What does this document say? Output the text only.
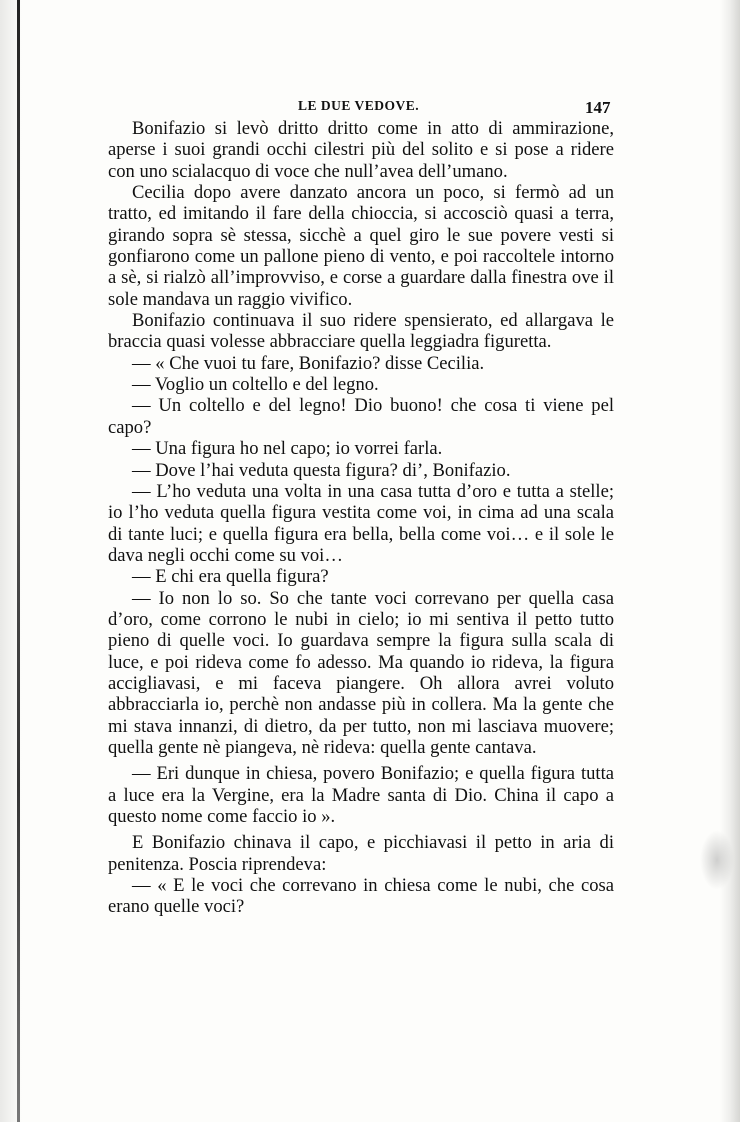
LE DUE VEDOVE.	147

Bonifazio si levò dritto dritto come in atto di ammirazione, aperse i suoi grandi occhi cilestri più del solito e si pose a ridere con uno scialacquo di voce che null’avea dell’umano.

Cecilia dopo avere danzato ancora un poco, si fermò ad un tratto, ed imitando il fare della chioccia, si accosciò quasi a terra, girando sopra sè stessa, sicchè a quel giro le sue povere vesti si gonfiarono come un pallone pieno di vento, e poi raccoltele intorno a sè, si rialzò all’improvviso, e corse a guardare dalla finestra ove il sole mandava un raggio vivifico.

Bonifazio continuava il suo ridere spensierato, ed allargava le braccia quasi volesse abbracciare quella leggiadra figuretta.

— « Che vuoi tu fare, Bonifazio? disse Cecilia.

— Voglio un coltello e del legno.

— Un coltello e del legno! Dio buono! che cosa ti viene pel capo?

— Una figura ho nel capo; io vorrei farla.

— Dove l’hai veduta questa figura? di’, Bonifazio.

— L’ho veduta una volta in una casa tutta d’oro e tutta a stelle; io l’ho veduta quella figura vestita come voi, in cima ad una scala di tante luci; e quella figura era bella, bella come voi… e il sole le dava negli occhi come su voi…

— E chi era quella figura?

— Io non lo so. So che tante voci correvano per quella casa d’oro, come corrono le nubi in cielo; io mi sentiva il petto tutto pieno di quelle voci. Io guardava sempre la figura sulla scala di luce, e poi rideva come fo adesso. Ma quando io rideva, la figura accigliavasi, e mi faceva piangere. Oh allora avrei voluto abbracciarla io, perchè non andasse più in collera. Ma la gente che mi stava innanzi, di dietro, da per tutto, non mi lasciava muovere; quella gente nè piangeva, nè rideva: quella gente cantava.

— Eri dunque in chiesa, povero Bonifazio; e quella figura tutta a luce era la Vergine, era la Madre santa di Dio. China il capo a questo nome come faccio io ».

E Bonifazio chinava il capo, e picchiavasi il petto in aria di penitenza. Poscia riprendeva:

— « E le voci che correvano in chiesa come le nubi, che cosa erano quelle voci?
